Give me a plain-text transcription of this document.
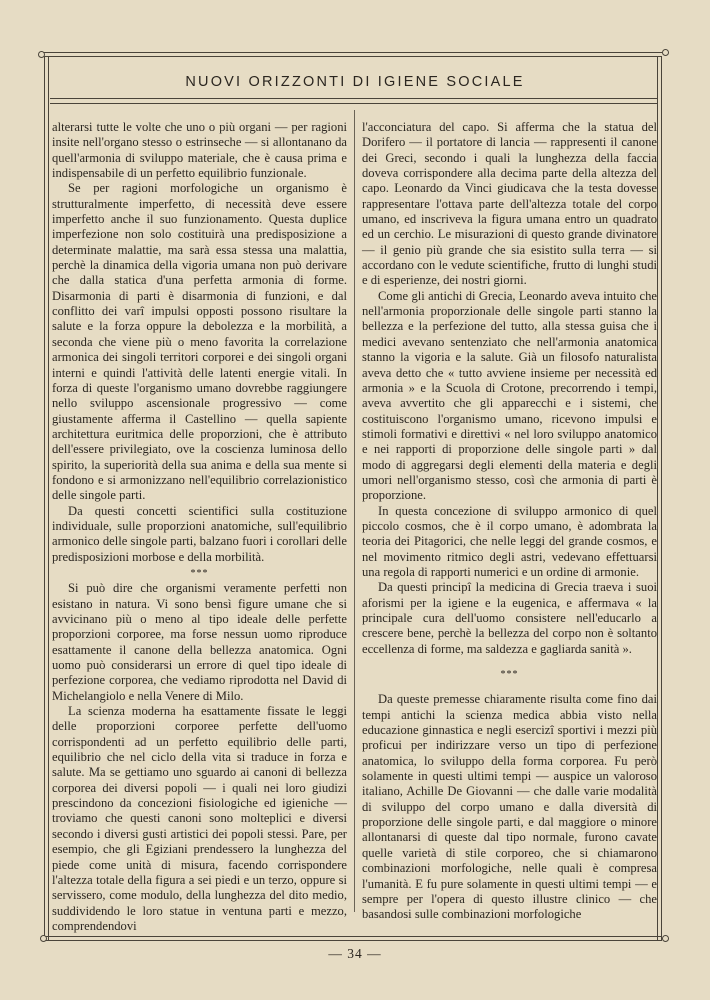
NUOVI ORIZZONTI DI IGIENE SOCIALE

alterarsi tutte le volte che uno o più organi — per ragioni insite nell'organo stesso o estrinseche — si allontanano da quell'armonia di sviluppo materiale, che è causa prima e indispensabile di un perfetto equilibrio funzionale.

Se per ragioni morfologiche un organismo è strutturalmente imperfetto, di necessità deve essere imperfetto anche il suo funzionamento. Questa duplice imperfezione non solo costituirà una predisposizione a determinate malattie, ma sarà essa stessa una malattia, perchè la dinamica della vigoria umana non può derivare che dalla statica d'una perfetta armonia di forme. Disarmonia di parti è disarmonia di funzioni, e dal conflitto dei varî impulsi opposti possono risultare la salute e la forza oppure la debolezza e la morbilità, a seconda che viene più o meno favorita la correlazione armonica dei singoli territori corporei e dei singoli organi interni e quindi l'attività delle latenti energie vitali. In forza di queste l'organismo umano dovrebbe raggiungere nello sviluppo ascensionale progressivo — come giustamente afferma il Castellino — quella sapiente architettura euritmica delle proporzioni, che è attributo dell'essere privilegiato, ove la coscienza luminosa dello spirito, la superiorità della sua anima e della sua mente si fondono e si armonizzano nell'equilibrio correlazionistico delle singole parti.

Da questi concetti scientifici sulla costituzione individuale, sulle proporzioni anatomiche, sull'equilibrio armonico delle singole parti, balzano fuori i corollari delle predisposizioni morbose e della morbilità.

***

Si può dire che organismi veramente perfetti non esistano in natura. Vi sono bensì figure umane che si avvicinano più o meno al tipo ideale delle perfette proporzioni corporee, ma forse nessun uomo riproduce esattamente il canone della bellezza anatomica. Ogni uomo può considerarsi un errore di quel tipo ideale di perfezione corporea, che vediamo riprodotta nel David di Michelangiolo e nella Venere di Milo.

La scienza moderna ha esattamente fissate le leggi delle proporzioni corporee perfette dell'uomo corrispondenti ad un perfetto equilibrio delle parti, equilibrio che nel ciclo della vita si traduce in forza e salute. Ma se gettiamo uno sguardo ai canoni di bellezza corporea dei diversi popoli — i quali nei loro giudizi prescindono da concezioni fisiologiche ed igieniche — troviamo che questi canoni sono molteplici e diversi secondo i diversi gusti artistici dei popoli stessi. Pare, per esempio, che gli Egiziani prendessero la lunghezza del piede come unità di misura, facendo corrispondere l'altezza totale della figura a sei piedi e un terzo, oppure si servissero, come modulo, della lunghezza del dito medio, suddividendo le loro statue in ventuna parti e mezzo, comprendendovi

l'acconciatura del capo. Si afferma che la statua del Dorifero — il portatore di lancia — rappresenti il canone dei Greci, secondo i quali la lunghezza della faccia doveva corrispondere alla decima parte della altezza del capo. Leonardo da Vinci giudicava che la testa dovesse rappresentare l'ottava parte dell'altezza totale del corpo umano, ed inscriveva la figura umana entro un quadrato ed un cerchio. Le misurazioni di questo grande divinatore — il genio più grande che sia esistito sulla terra — si accordano con le vedute scientifiche, frutto di lunghi studi e di esperienze, dei nostri giorni.

Come gli antichi di Grecia, Leonardo aveva intuito che nell'armonia proporzionale delle singole parti stanno la bellezza e la perfezione del tutto, alla stessa guisa che i medici avevano sentenziato che nell'armonia anatomica stanno la vigoria e la salute. Già un filosofo naturalista aveva detto che « tutto avviene insieme per necessità ed armonia » e la Scuola di Crotone, precorrendo i tempi, aveva avvertito che gli apparecchi e i sistemi, che costituiscono l'organismo umano, ricevono impulsi e stimoli formativi e direttivi « nel loro sviluppo anatomico e nei rapporti di proporzione delle singole parti » dal modo di aggregarsi degli elementi della materia e degli umori nell'organismo stesso, così che armonia di parti è proporzione.

In questa concezione di sviluppo armonico di quel piccolo cosmos, che è il corpo umano, è adombrata la teoria dei Pitagorici, che nelle leggi del grande cosmos, e nel movimento ritmico degli astri, vedevano effettuarsi una regola di rapporti numerici e un ordine di armonie.

Da questi principî la medicina di Grecia traeva i suoi aforismi per la igiene e la eugenica, e affermava « la principale cura dell'uomo consistere nell'educarlo a crescere bene, perchè la bellezza del corpo non è soltanto eccellenza di forme, ma saldezza e gagliarda sanità ».

***

Da queste premesse chiaramente risulta come fino dai tempi antichi la scienza medica abbia visto nella educazione ginnastica e negli esercizî sportivi i mezzi più proficui per indirizzare verso un tipo di perfezione anatomica, lo sviluppo della forma corporea. Fu però solamente in questi ultimi tempi — auspice un valoroso italiano, Achille De Giovanni — che dalle varie modalità di sviluppo del corpo umano e dalla diversità di proporzione delle singole parti, e dal maggiore o minore allontanarsi di queste dal tipo normale, furono cavate quelle varietà di stile corporeo, che si chiamarono combinazioni morfologiche, nelle quali è compresa l'umanità. E fu pure solamente in questi ultimi tempi — e sempre per l'opera di questo illustre clinico — che basandosi sulle combinazioni morfologiche

— 34 —
